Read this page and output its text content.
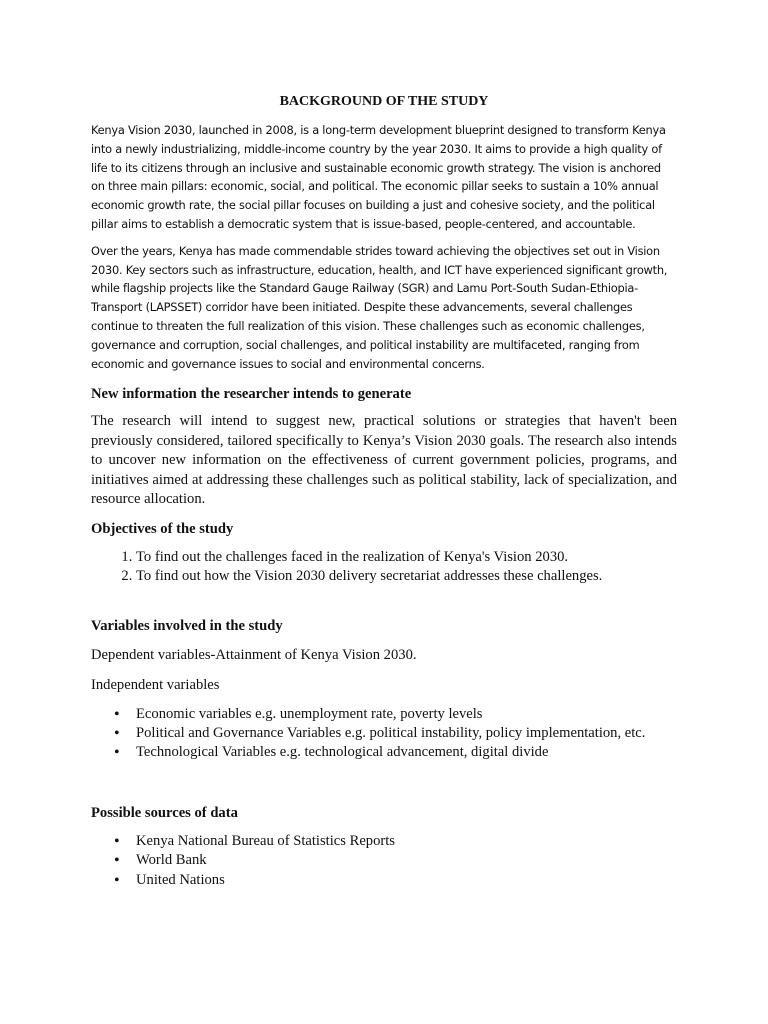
BACKGROUND OF THE STUDY

Kenya Vision 2030, launched in 2008, is a long-term development blueprint designed to transform Kenya into a newly industrializing, middle-income country by the year 2030. It aims to provide a high quality of life to its citizens through an inclusive and sustainable economic growth strategy. The vision is anchored on three main pillars: economic, social, and political. The economic pillar seeks to sustain a 10% annual economic growth rate, the social pillar focuses on building a just and cohesive society, and the political pillar aims to establish a democratic system that is issue-based, people-centered, and accountable.

Over the years, Kenya has made commendable strides toward achieving the objectives set out in Vision 2030. Key sectors such as infrastructure, education, health, and ICT have experienced significant growth, while flagship projects like the Standard Gauge Railway (SGR) and Lamu Port-South Sudan-Ethiopia-Transport (LAPSSET) corridor have been initiated. Despite these advancements, several challenges continue to threaten the full realization of this vision. These challenges such as economic challenges, governance and corruption, social challenges, and political instability are multifaceted, ranging from economic and governance issues to social and environmental concerns.

New information the researcher intends to generate

The research will intend to suggest new, practical solutions or strategies that haven't been previously considered, tailored specifically to Kenya’s Vision 2030 goals. The research also intends to uncover new information on the effectiveness of current government policies, programs, and initiatives aimed at addressing these challenges such as political stability, lack of specialization, and resource allocation.

Objectives of the study
1. To find out the challenges faced in the realization of Kenya's Vision 2030.
2. To find out how the Vision 2030 delivery secretariat addresses these challenges.
Variables involved in the study

Dependent variables-Attainment of Kenya Vision 2030.

Independent variables

• Economic variables e.g. unemployment rate, poverty levels
• Political and Governance Variables e.g. political instability, policy implementation, etc.
• Technological Variables e.g. technological advancement, digital divide
Possible sources of data
• Kenya National Bureau of Statistics Reports
• World Bank
• United Nations
